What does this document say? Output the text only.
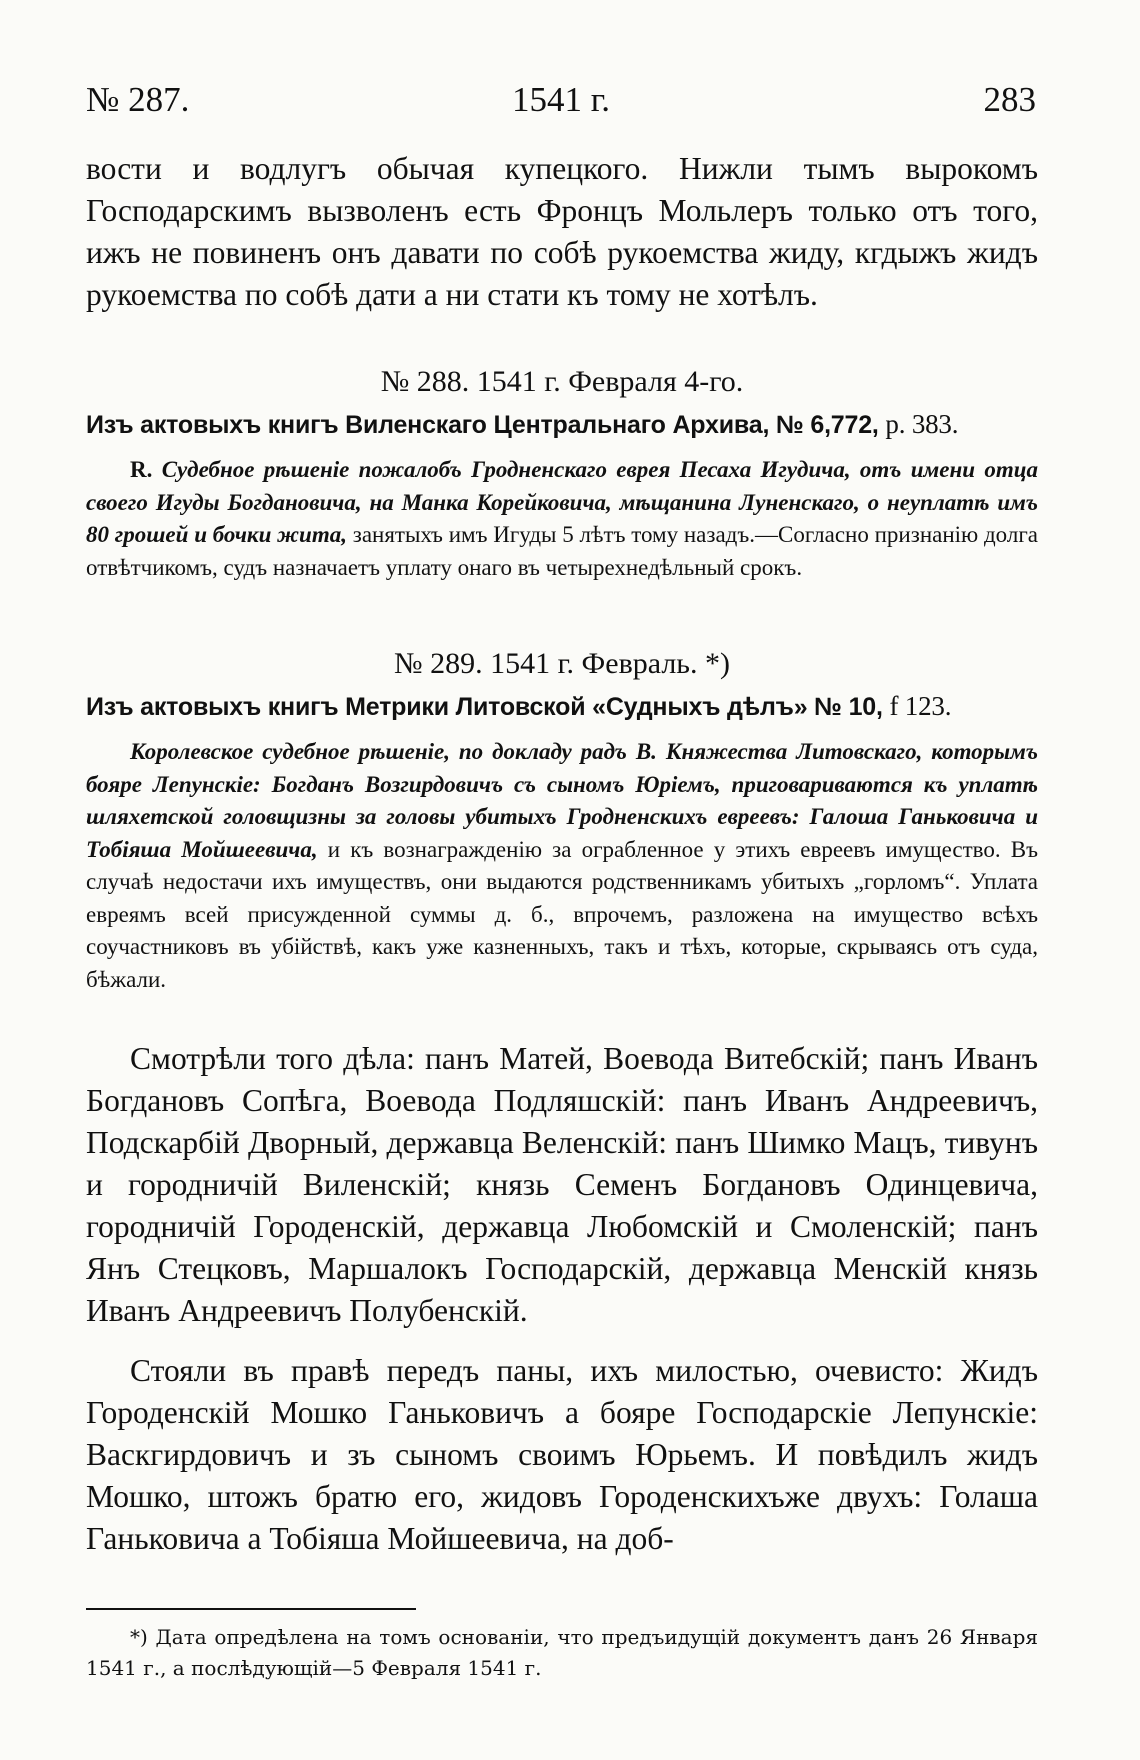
№ 287.	1541 г.	283

вости и водлугъ обычая купецкого. Нижли тымъ вырокомъ Господарскимъ вызволенъ есть Фронцъ Мольлеръ только отъ того, ижъ не повиненъ онъ давати по собѣ рукоемства жиду, кгдыжъ жидъ рукоемства по собѣ дати а ни стати къ тому не хотѣлъ.

№ 288. 1541 г. Февраля 4-го.

Изъ актовыхъ книгъ Виленскаго Центральнаго Архива, № 6,772, р. 383.

R. Судебное рѣшеніе пожалобъ Гродненскаго еврея Песаха Игудича, отъ имени отца своего Игуды Богдановича, на Манка Корейковича, мѣщанина Луненскаго, о неуплатѣ имъ 80 грошей и бочки жита, занятыхъ имъ Игуды 5 лѣтъ тому назадъ.—Согласно признанію долга отвѣтчикомъ, судъ назначаетъ уплату онаго въ четырехнедѣльный срокъ.

№ 289. 1541 г. Февраль. *)

Изъ актовыхъ книгъ Метрики Литовской «Судныхъ дѣлъ» № 10, f 123.

Королевское судебное рѣшеніе, по докладу радъ В. Княжества Литовскаго, которымъ бояре Лепунскіе: Богданъ Возгирдовичъ съ сыномъ Юріемъ, приговариваются къ уплатѣ шляхетской головщизны за головы убитыхъ Гродненскихъ евреевъ: Галоша Ганьковича и Тобіяша Мойшеевича, и къ вознагражденію за ограбленное у этихъ евреевъ имущество. Въ случаѣ недостачи ихъ имуществъ, они выдаются родственникамъ убитыхъ „горломъ“. Уплата евреямъ всей присужденной суммы д. б., впрочемъ, разложена на имущество всѣхъ соучастниковъ въ убійствѣ, какъ уже казненныхъ, такъ и тѣхъ, которые, скрываясь отъ суда, бѣжали.

Смотрѣли того дѣла: панъ Матей, Воевода Витебскій; панъ Иванъ Богдановъ Сопѣга, Воевода Подляшскій: панъ Иванъ Андреевичъ, Подскарбій Дворный, державца Веленскій: панъ Шимко Мацъ, тивунъ и городничій Виленскій; князь Семенъ Богдановъ Одинцевича, городничій Городенскій, державца Любомскій и Смоленскій; панъ Янъ Стецковъ, Маршалокъ Господарскій, державца Менскій князь Иванъ Андреевичъ Полубенскій.

Стояли въ правѣ передъ паны, ихъ милостью, очевисто: Жидъ Городенскій Мошко Ганьковичъ а бояре Господарскіе Лепунскіе: Васкгирдовичъ и зъ сыномъ своимъ Юрьемъ. И повѣдилъ жидъ Мошко, штожъ братю его, жидовъ Городенскихъже двухъ: Голаша Ганьковича а Тобіяша Мойшеевича, на доб-

*) Дата опредѣлена на томъ основаніи, что предъидущій документъ данъ 26 Января 1541 г., а послѣдующій—5 Февраля 1541 г.
